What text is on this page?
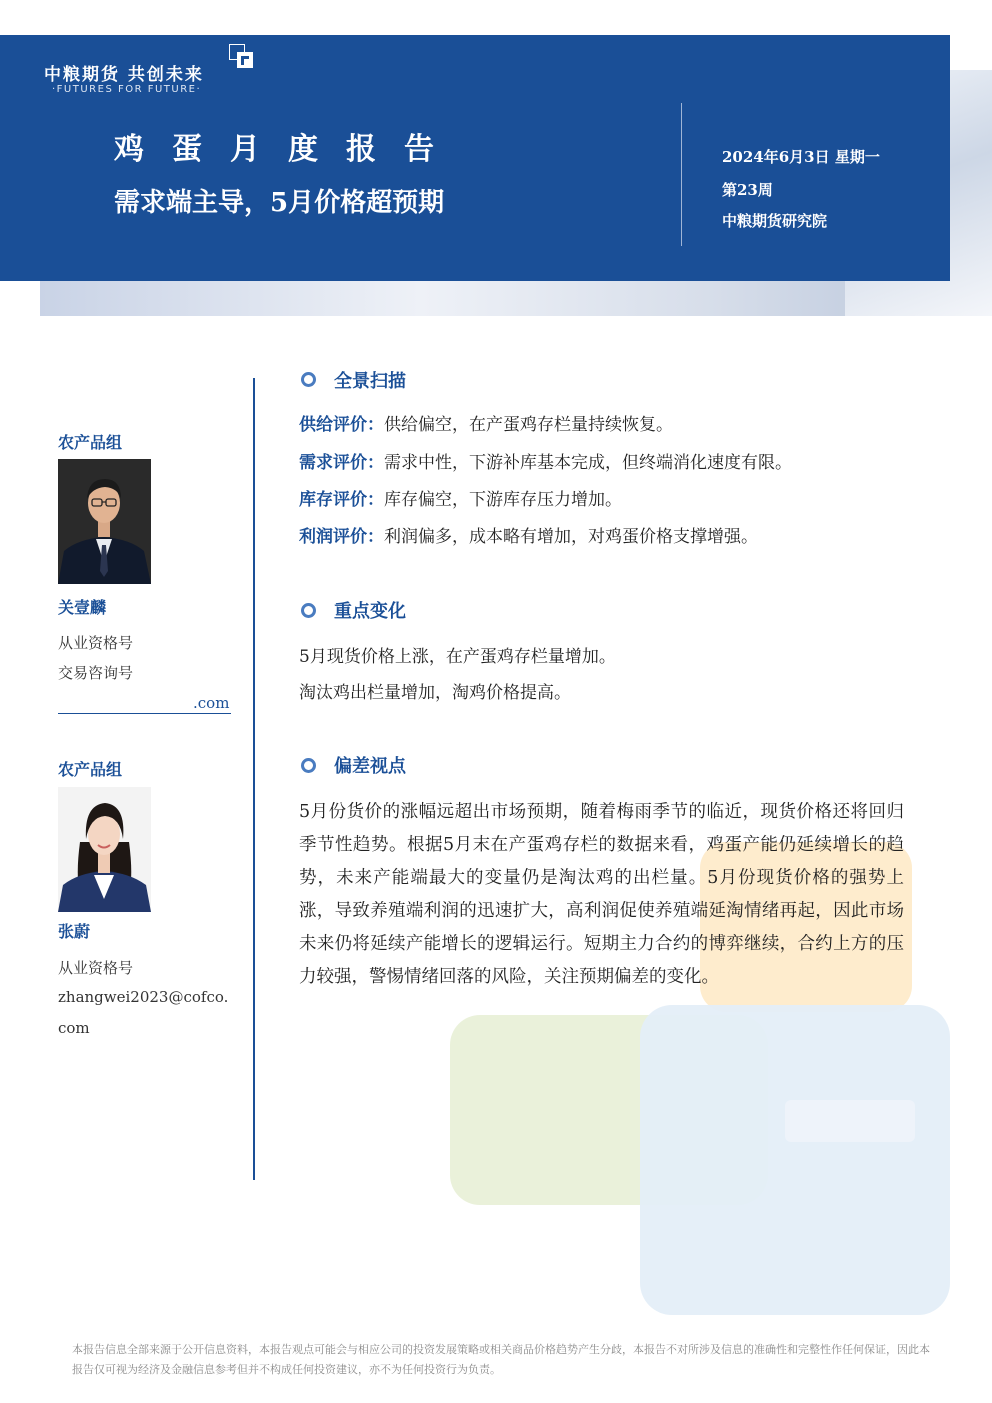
中粮期货 共创未来
·FUTURES FOR FUTURE·
鸡蛋月度报告
需求端主导，5月价格超预期
2024年6月3日 星期一
第23周
中粮期货研究院
农产品组
关壹麟
从业资格号
交易咨询号
.com
农产品组
张蔚
从业资格号
zhangwei2023@cofco.
com
全景扫描
供给评价：供给偏空，在产蛋鸡存栏量持续恢复。
需求评价：需求中性，下游补库基本完成，但终端消化速度有限。
库存评价：库存偏空，下游库存压力增加。
利润评价：利润偏多，成本略有增加，对鸡蛋价格支撑增强。
重点变化
5月现货价格上涨，在产蛋鸡存栏量增加。
淘汰鸡出栏量增加，淘鸡价格提高。
偏差视点

5月份货价的涨幅远超出市场预期，随着梅雨季节的临近，现货价格还将回归季节性趋势。根据5月末在产蛋鸡存栏的数据来看，鸡蛋产能仍延续增长的趋势，未来产能端最大的变量仍是淘汰鸡的出栏量。5月份现货价格的强势上涨，导致养殖端利润的迅速扩大，高利润促使养殖端延淘情绪再起，因此市场未来仍将延续产能增长的逻辑运行。短期主力合约的博弈继续，合约上方的压力较强，警惕情绪回落的风险，关注预期偏差的变化。

本报告信息全部来源于公开信息资料，本报告观点可能会与相应公司的投资发展策略或相关商品价格趋势产生分歧，本报告不对所涉及信息的准确性和完整性作任何保证，因此本报告仅可视为经济及金融信息参考但并不构成任何投资建议，亦不为任何投资行为负责。
